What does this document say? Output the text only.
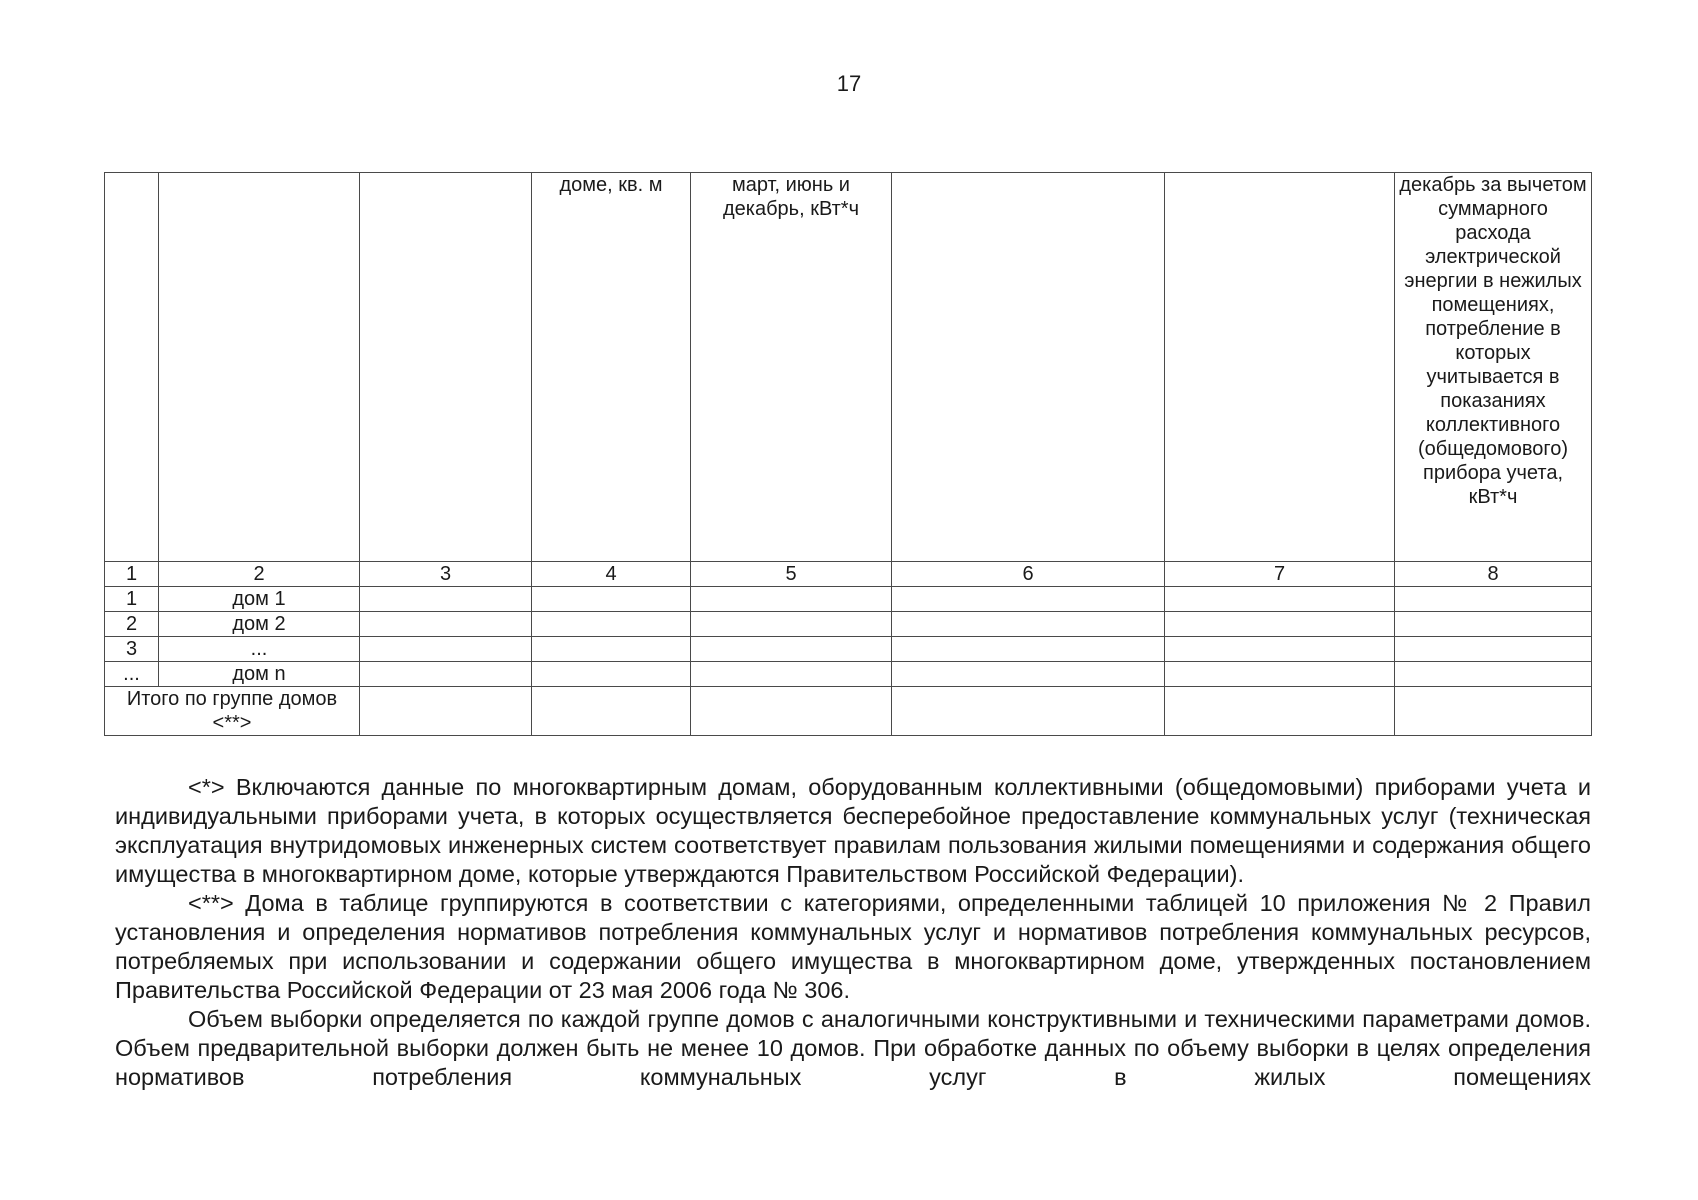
17
			доме, кв. м	март, июнь и декабрь, кВт*ч			декабрь за вычетом суммарного расхода электрической энергии в нежилых помещениях, потребление в которых учитывается в показаниях коллективного (общедомового) прибора учета, кВт*ч
1	2	3	4	5	6	7	8
1	дом 1						
2	дом 2						
3	...						
...	дом n						
Итого по группе домов <**>							

<*> Включаются данные по многоквартирным домам, оборудованным коллективными (общедомовыми) приборами учета и индивидуальными приборами учета, в которых осуществляется бесперебойное предоставление коммунальных услуг (техническая эксплуатация внутридомовых инженерных систем соответствует правилам пользования жилыми помещениями и содержания общего имущества в многоквартирном доме, которые утверждаются Правительством Российской Федерации).

<**> Дома в таблице группируются в соответствии с категориями, определенными таблицей 10 приложения № 2 Правил установления и определения нормативов потребления коммунальных услуг и нормативов потребления коммунальных ресурсов, потребляемых при использовании и содержании общего имущества в многоквартирном доме, утвержденных постановлением Правительства Российской Федерации от 23 мая 2006 года № 306.

Объем выборки определяется по каждой группе домов с аналогичными конструктивными и техническими параметрами домов. Объем предварительной выборки должен быть не менее 10 домов. При обработке данных по объему выборки в целях определения нормативов потребления коммунальных услуг в жилых помещениях
